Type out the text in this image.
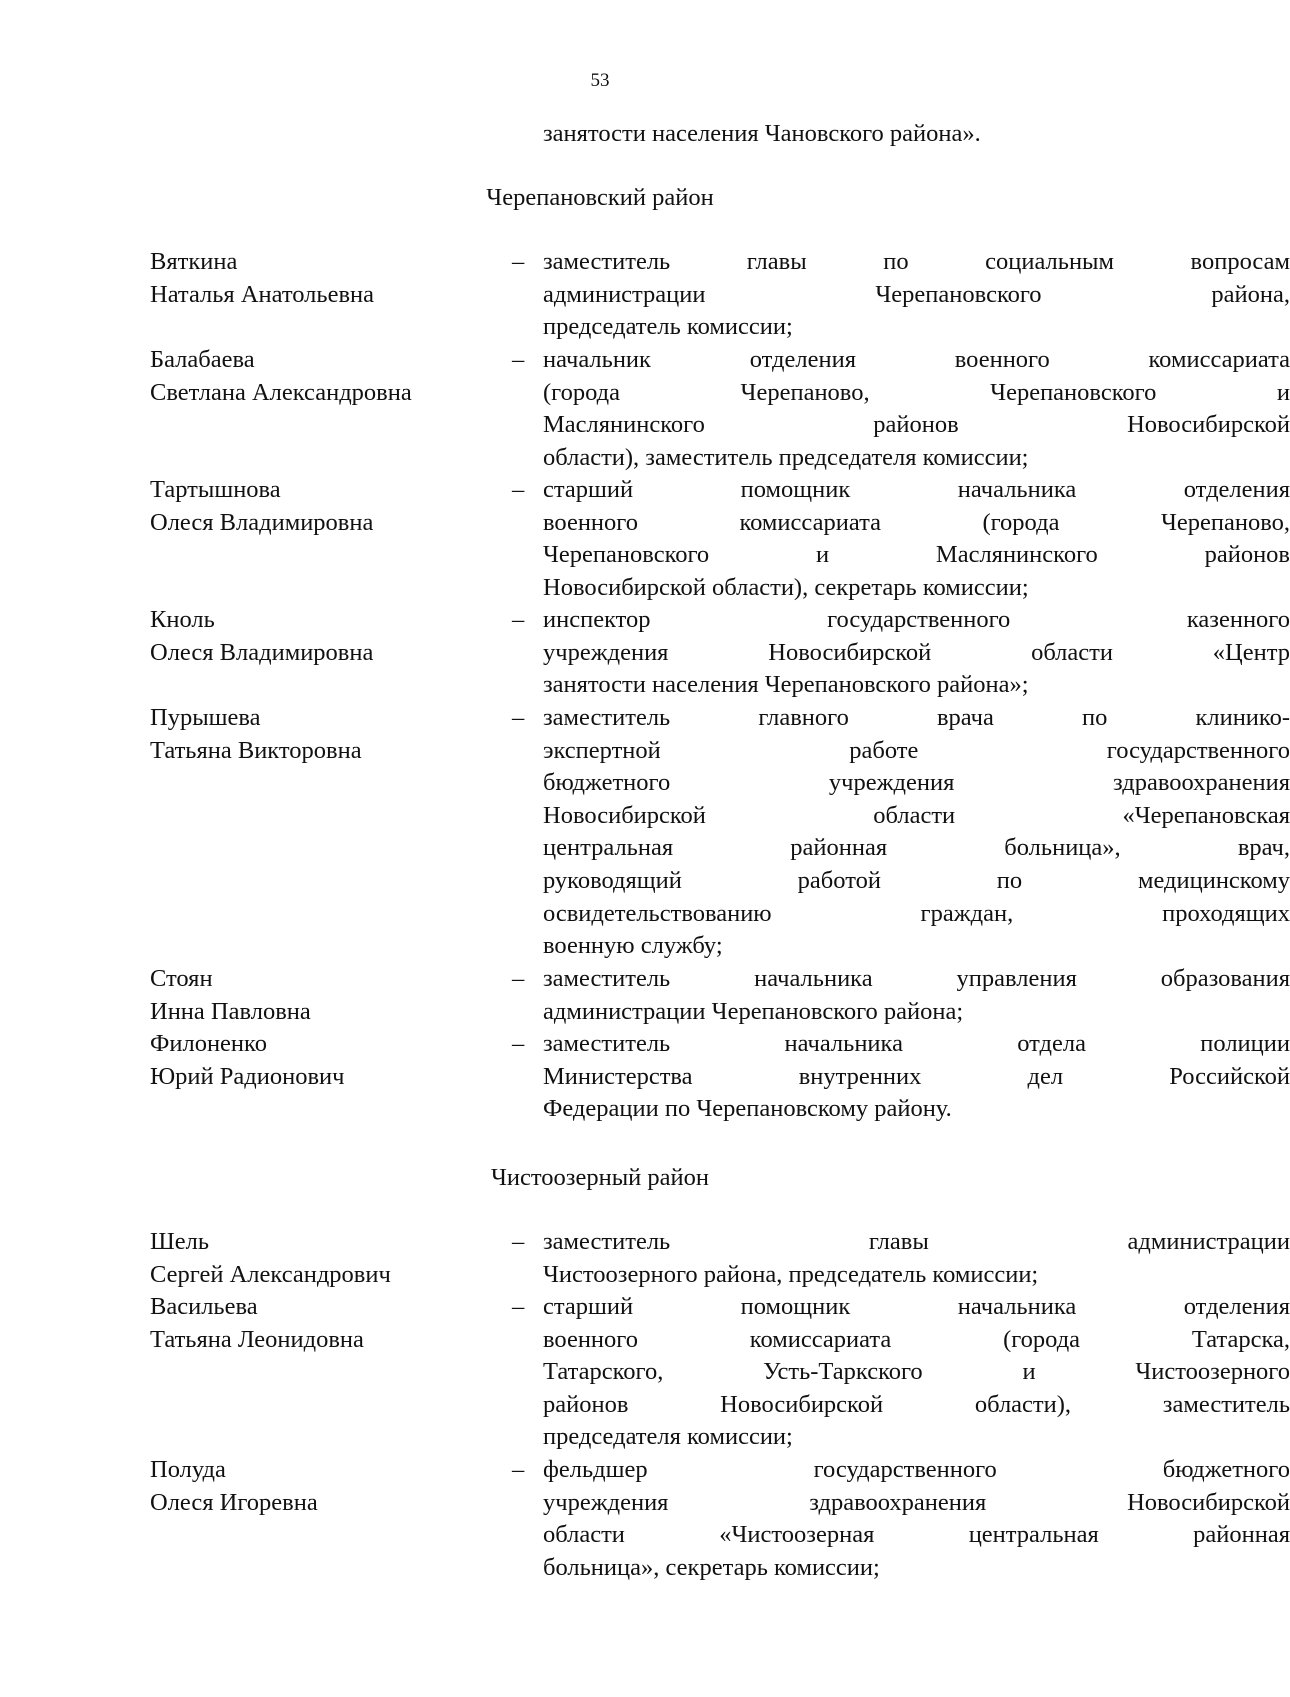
53
занятости населения Чановского района».
Черепановский район
Вяткина
Наталья Анатольевна
– заместитель главы по социальным вопросам
администрации Черепановского района,
председатель комиссии;
Балабаева
Светлана Александровна
– начальник отделения военного комиссариата
(города Черепаново, Черепановского и
Маслянинского районов Новосибирской
области), заместитель председателя комиссии;
Тартышнова
Олеся Владимировна
– старший помощник начальника отделения
военного комиссариата (города Черепаново,
Черепановского и Маслянинского районов
Новосибирской области), секретарь комиссии;
Кноль
Олеся Владимировна
– инспектор государственного казенного
учреждения Новосибирской области «Центр
занятости населения Черепановского района»;
Пурышева
Татьяна Викторовна
– заместитель главного врача по клинико-
экспертной работе государственного
бюджетного учреждения здравоохранения
Новосибирской области «Черепановская
центральная районная больница», врач,
руководящий работой по медицинскому
освидетельствованию граждан, проходящих
военную службу;
Стоян
Инна Павловна
– заместитель начальника управления образования
администрации Черепановского района;
Филоненко
Юрий Радионович
– заместитель начальника отдела полиции
Министерства внутренних дел Российской
Федерации по Черепановскому району.
Чистоозерный район
Шель
Сергей Александрович
– заместитель главы администрации
Чистоозерного района, председатель комиссии;
Васильева
Татьяна Леонидовна
– старший помощник начальника отделения
военного комиссариата (города Татарска,
Татарского, Усть-Таркского и Чистоозерного
районов Новосибирской области), заместитель
председателя комиссии;
Полуда
Олеся Игоревна
– фельдшер государственного бюджетного
учреждения здравоохранения Новосибирской
области «Чистоозерная центральная районная
больница», секретарь комиссии;
